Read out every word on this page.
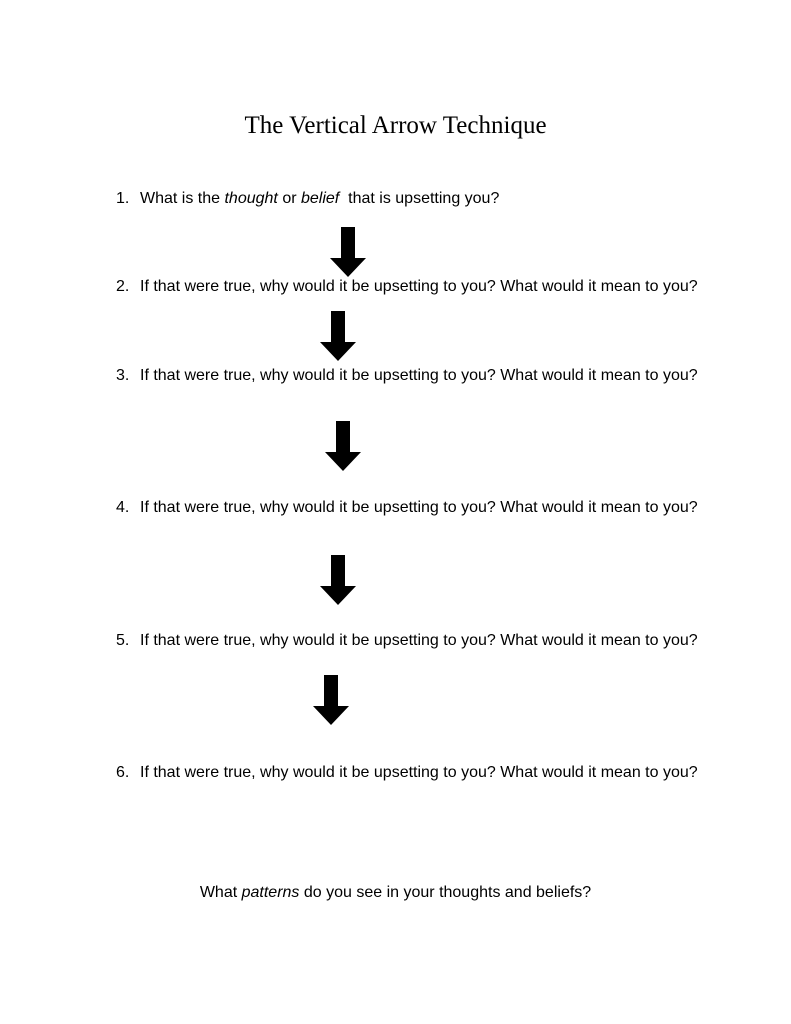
The Vertical Arrow Technique
1. What is the thought or belief  that is upsetting you?
2. If that were true, why would it be upsetting to you? What would it mean to you?
3. If that were true, why would it be upsetting to you? What would it mean to you?
4. If that were true, why would it be upsetting to you? What would it mean to you?
5. If that were true, why would it be upsetting to you? What would it mean to you?
6. If that were true, why would it be upsetting to you? What would it mean to you?
What patterns do you see in your thoughts and beliefs?
